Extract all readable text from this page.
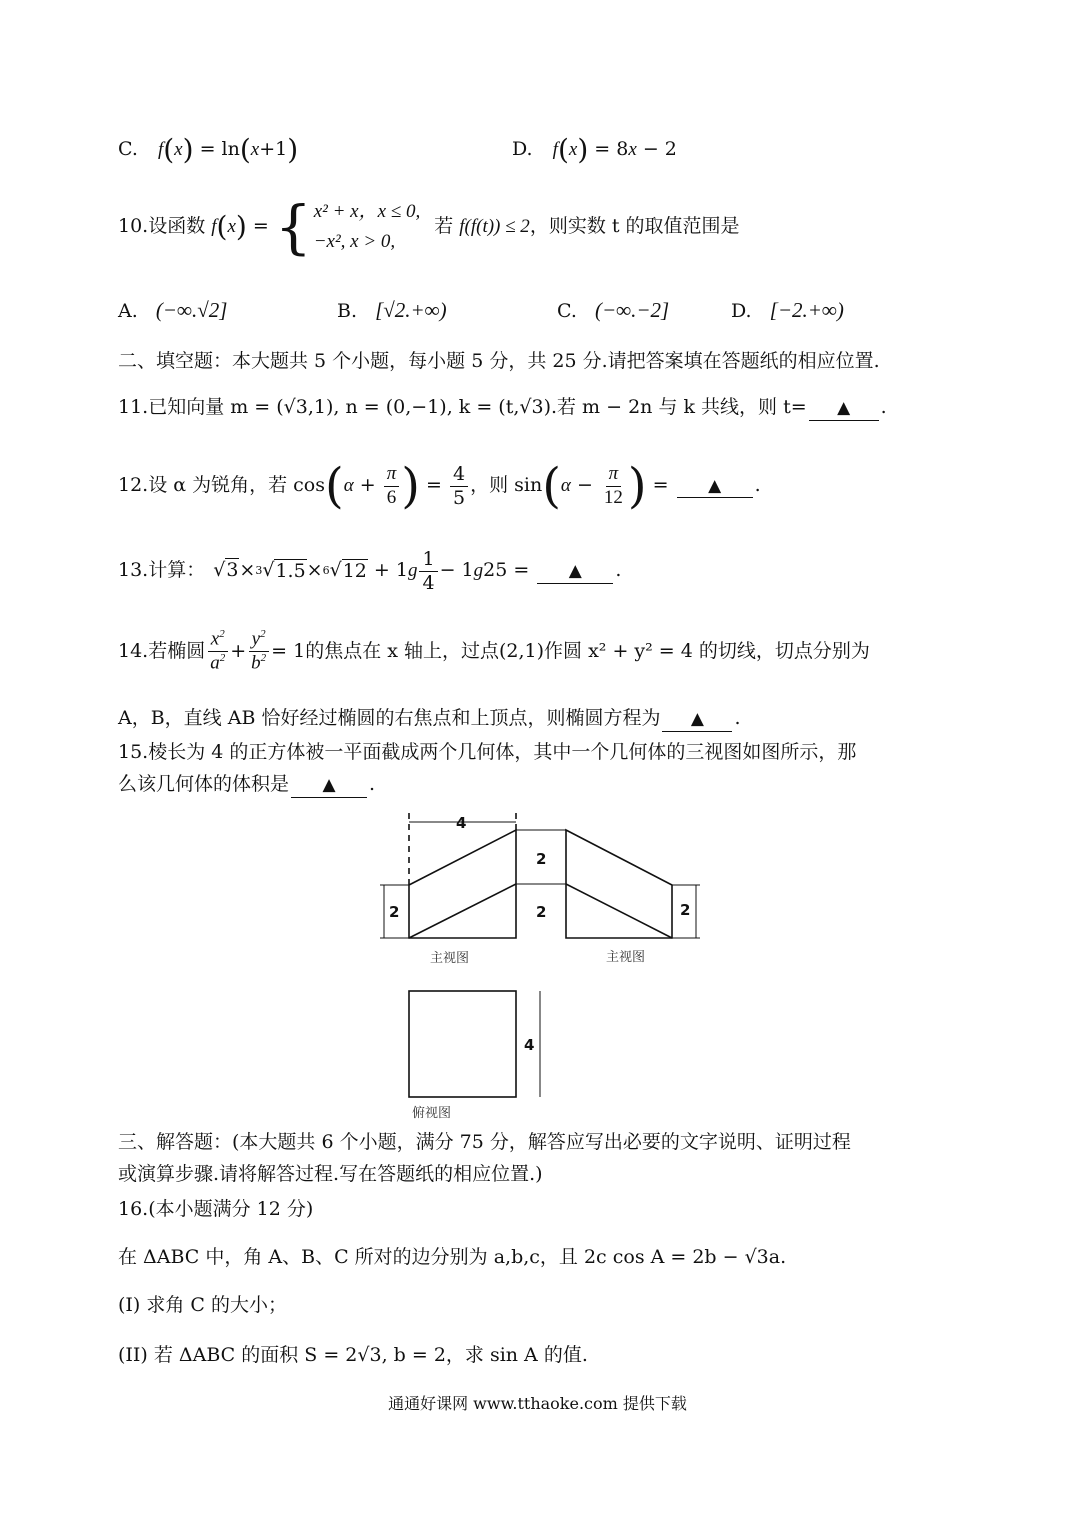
C. f(x) = ln(x+1)	D. f(x) = 8x − 2
10.设函数 f ( x ) = { x² + x，x ≤ 0,
−x², x > 0,
若 f(f(t)) ≤ 2 ，则实数 t 的取值范围是
A. (−∞.√2]	B. [√2.+∞)	C. (−∞.−2]	D. [−2.+∞)
二、填空题：本大题共 5 个小题，每小题 5 分，共 25 分.请把答案填在答题纸的相应位置.
11.已知向量 m = (√3,1), n = (0,−1), k = (t,√3).若 m − 2n 与 k 共线，则 t= ▲ .
12.设 α 为锐角，若 cos ( $\alpha + \frac{\pi}{6}$ ) = $\frac{4}{5}$ ，则 sin ( $\alpha - \frac{\pi}{12}$ ) =	▲	.
13.计算： √3 × 3 √ 1.5 × 6 √ 12 + 1 g $\frac{1}{4} - 1$ g 25 =	▲	.
14.若椭圆 $\frac{x^2}{a^2} + \frac{y^2}{b^2} = 1$ 的焦点在 x 轴上，过点(2,1)作圆 x² + y² = 4 的切线，切点分别为
A，B，直线 AB 恰好经过椭圆的右焦点和上顶点，则椭圆方程为 ▲ .
15.棱长为 4 的正方体被一平面截成两个几何体，其中一个几何体的三视图如图所示，那
么该几何体的体积是 ▲ .
4
2
2
2	2
4
主视图	主视图
俯视图
三、解答题：(本大题共 6 个小题，满分 75 分，解答应写出必要的文字说明、证明过程
或演算步骤.请将解答过程.写在答题纸的相应位置.)
16.(本小题满分 12 分)
在 ΔABC 中，角 A、B、C 所对的边分别为 a,b,c，且 2c cos A = 2b − √3a.
(I) 求角 C 的大小；
(II) 若 ΔABC 的面积 S = 2√3, b = 2，求 sin A 的值.
通通好课网 www.tthaoke.com 提供下载
